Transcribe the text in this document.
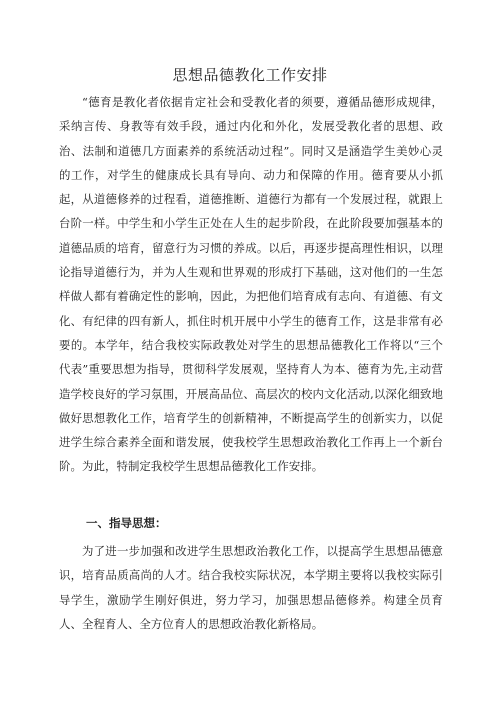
思想品德教化工作安排

“德育是教化者依据肯定社会和受教化者的须要，遵循品德形成规律，采纳言传、身教等有效手段，通过内化和外化，发展受教化者的思想、政治、法制和道德几方面素养的系统活动过程”。同时又是涵造学生美妙心灵的工作，对学生的健康成长具有导向、动力和保障的作用。德育要从小抓起，从道德修养的过程看，道德推断、道德行为都有一个发展过程，就跟上台阶一样。中学生和小学生正处在人生的起步阶段，在此阶段要加强基本的道德品质的培育，留意行为习惯的养成。以后，再逐步提高理性相识，以理论指导道德行为，并为人生观和世界观的形成打下基础，这对他们的一生怎样做人都有着确定性的影响，因此，为把他们培育成有志向、有道德、有文化、有纪律的四有新人，抓住时机开展中小学生的德育工作，这是非常有必要的。本学年，结合我校实际政教处对学生的思想品德教化工作将以“三个代表”重要思想为指导，贯彻科学发展观，坚持育人为本、德育为先,主动营造学校良好的学习氛围，开展高品位、高层次的校内文化活动,以深化细致地做好思想教化工作，培育学生的创新精神，不断提高学生的创新实力，以促进学生综合素养全面和谐发展，使我校学生思想政治教化工作再上一个新台阶。为此，特制定我校学生思想品德教化工作安排。

一、指导思想：

为了进一步加强和改进学生思想政治教化工作，以提高学生思想品德意识，培育品质高尚的人才。结合我校实际状况，本学期主要将以我校实际引导学生，激励学生刚好俱进，努力学习，加强思想品德修养。构建全员育人、全程育人、全方位育人的思想政治教化新格局。
